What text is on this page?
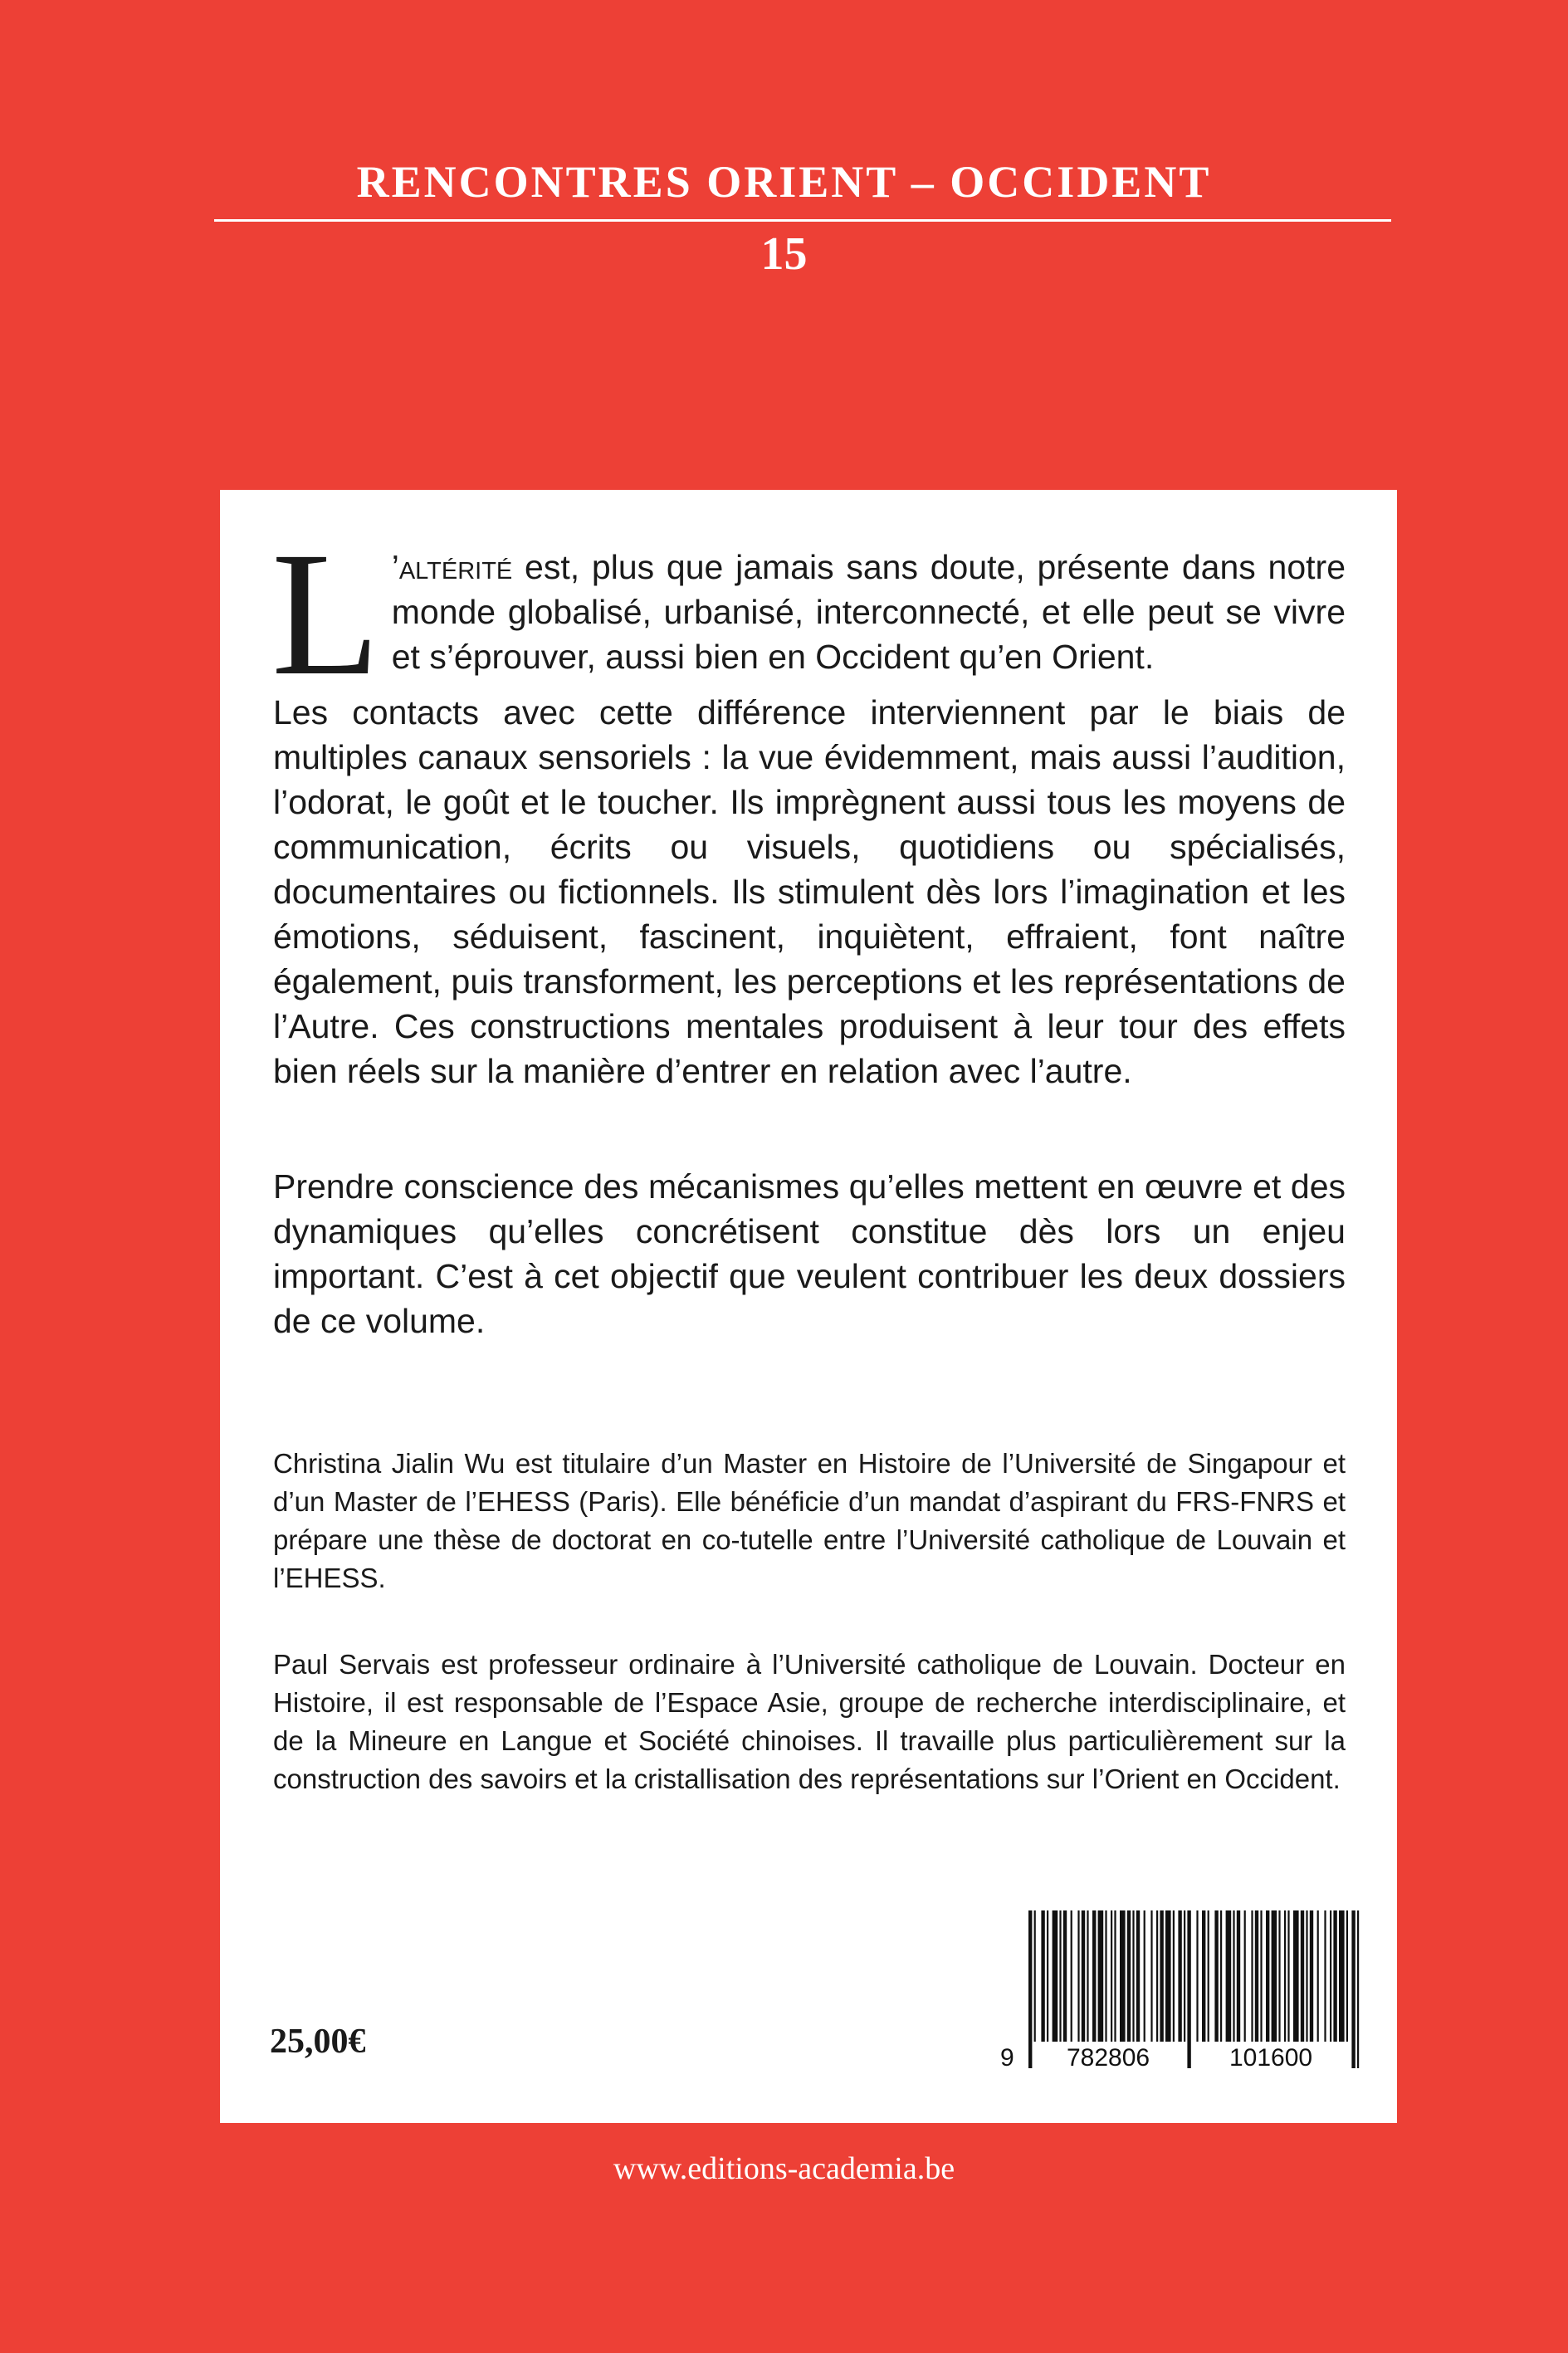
RENCONTRES ORIENT – OCCIDENT
15
L ’altérité est, plus que jamais sans doute, présente dans notre monde globalisé, urbanisé, interconnecté, et elle peut se vivre et s’éprouver, aussi bien en Occident qu’en Orient.
Les contacts avec cette différence interviennent par le biais de multiples canaux sensoriels : la vue évidemment, mais aussi l’audition, l’odorat, le goût et le toucher. Ils imprègnent aussi tous les moyens de communication, écrits ou visuels, quotidiens ou spécialisés, documentaires ou fictionnels. Ils stimulent dès lors l’imagination et les émotions, séduisent, fascinent, inquiètent, effraient, font naître également, puis transforment, les perceptions et les représentations de l’Autre. Ces constructions mentales produisent à leur tour des effets bien réels sur la manière d’entrer en relation avec l’autre.
Prendre conscience des mécanismes qu’elles mettent en œuvre et des dynamiques qu’elles concrétisent constitue dès lors un enjeu important. C’est à cet objectif que veulent contribuer les deux dossiers de ce volume.
Christina Jialin Wu est titulaire d’un Master en Histoire de l’Université de Singapour et d’un Master de l’EHESS (Paris). Elle bénéficie d’un mandat d’aspirant du FRS-FNRS et prépare une thèse de doctorat en co-tutelle entre l’Université catholique de Louvain et l’EHESS.
Paul Servais est professeur ordinaire à l’Université catholique de Louvain. Docteur en Histoire, il est responsable de l’Espace Asie, groupe de recherche interdisciplinaire, et de la Mineure en Langue et Société chinoises. Il travaille plus particulièrement sur la construction des savoirs et la cristallisation des représentations sur l’Orient en Occident.
25,00€	9	782806	101600
www.editions-academia.be
